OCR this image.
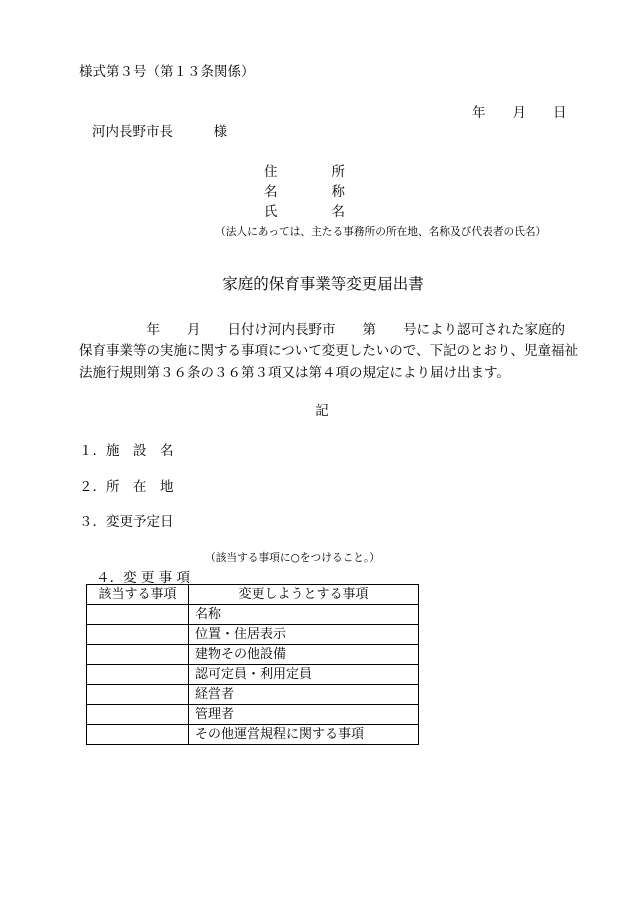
様式第３号（第１３条関係）
年　　月　　日
河内長野市長　　　様
住　　　　所
名　　　　称
氏　　　　名
（法人にあっては、主たる事務所の所在地、名称及び代表者の氏名）
家庭的保育事業等変更届出書
　　　　　年　　月　　日付け河内長野市　　第　　号により認可された家庭的
保育事業等の実施に関する事項について変更したいので、下記のとおり、児童福祉
法施行規則第３６条の３６第３項又は第４項の規定により届け出ます。
記
１．施　設　名
２．所　在　地
３．変更予定日

４．変 更 事 項

（該当する事項に○をつけること。）

該当する事項	変更しようとする事項
	名称
	位置・住居表示
	建物その他設備
	認可定員・利用定員
	経営者
	管理者
	その他運営規程に関する事項
